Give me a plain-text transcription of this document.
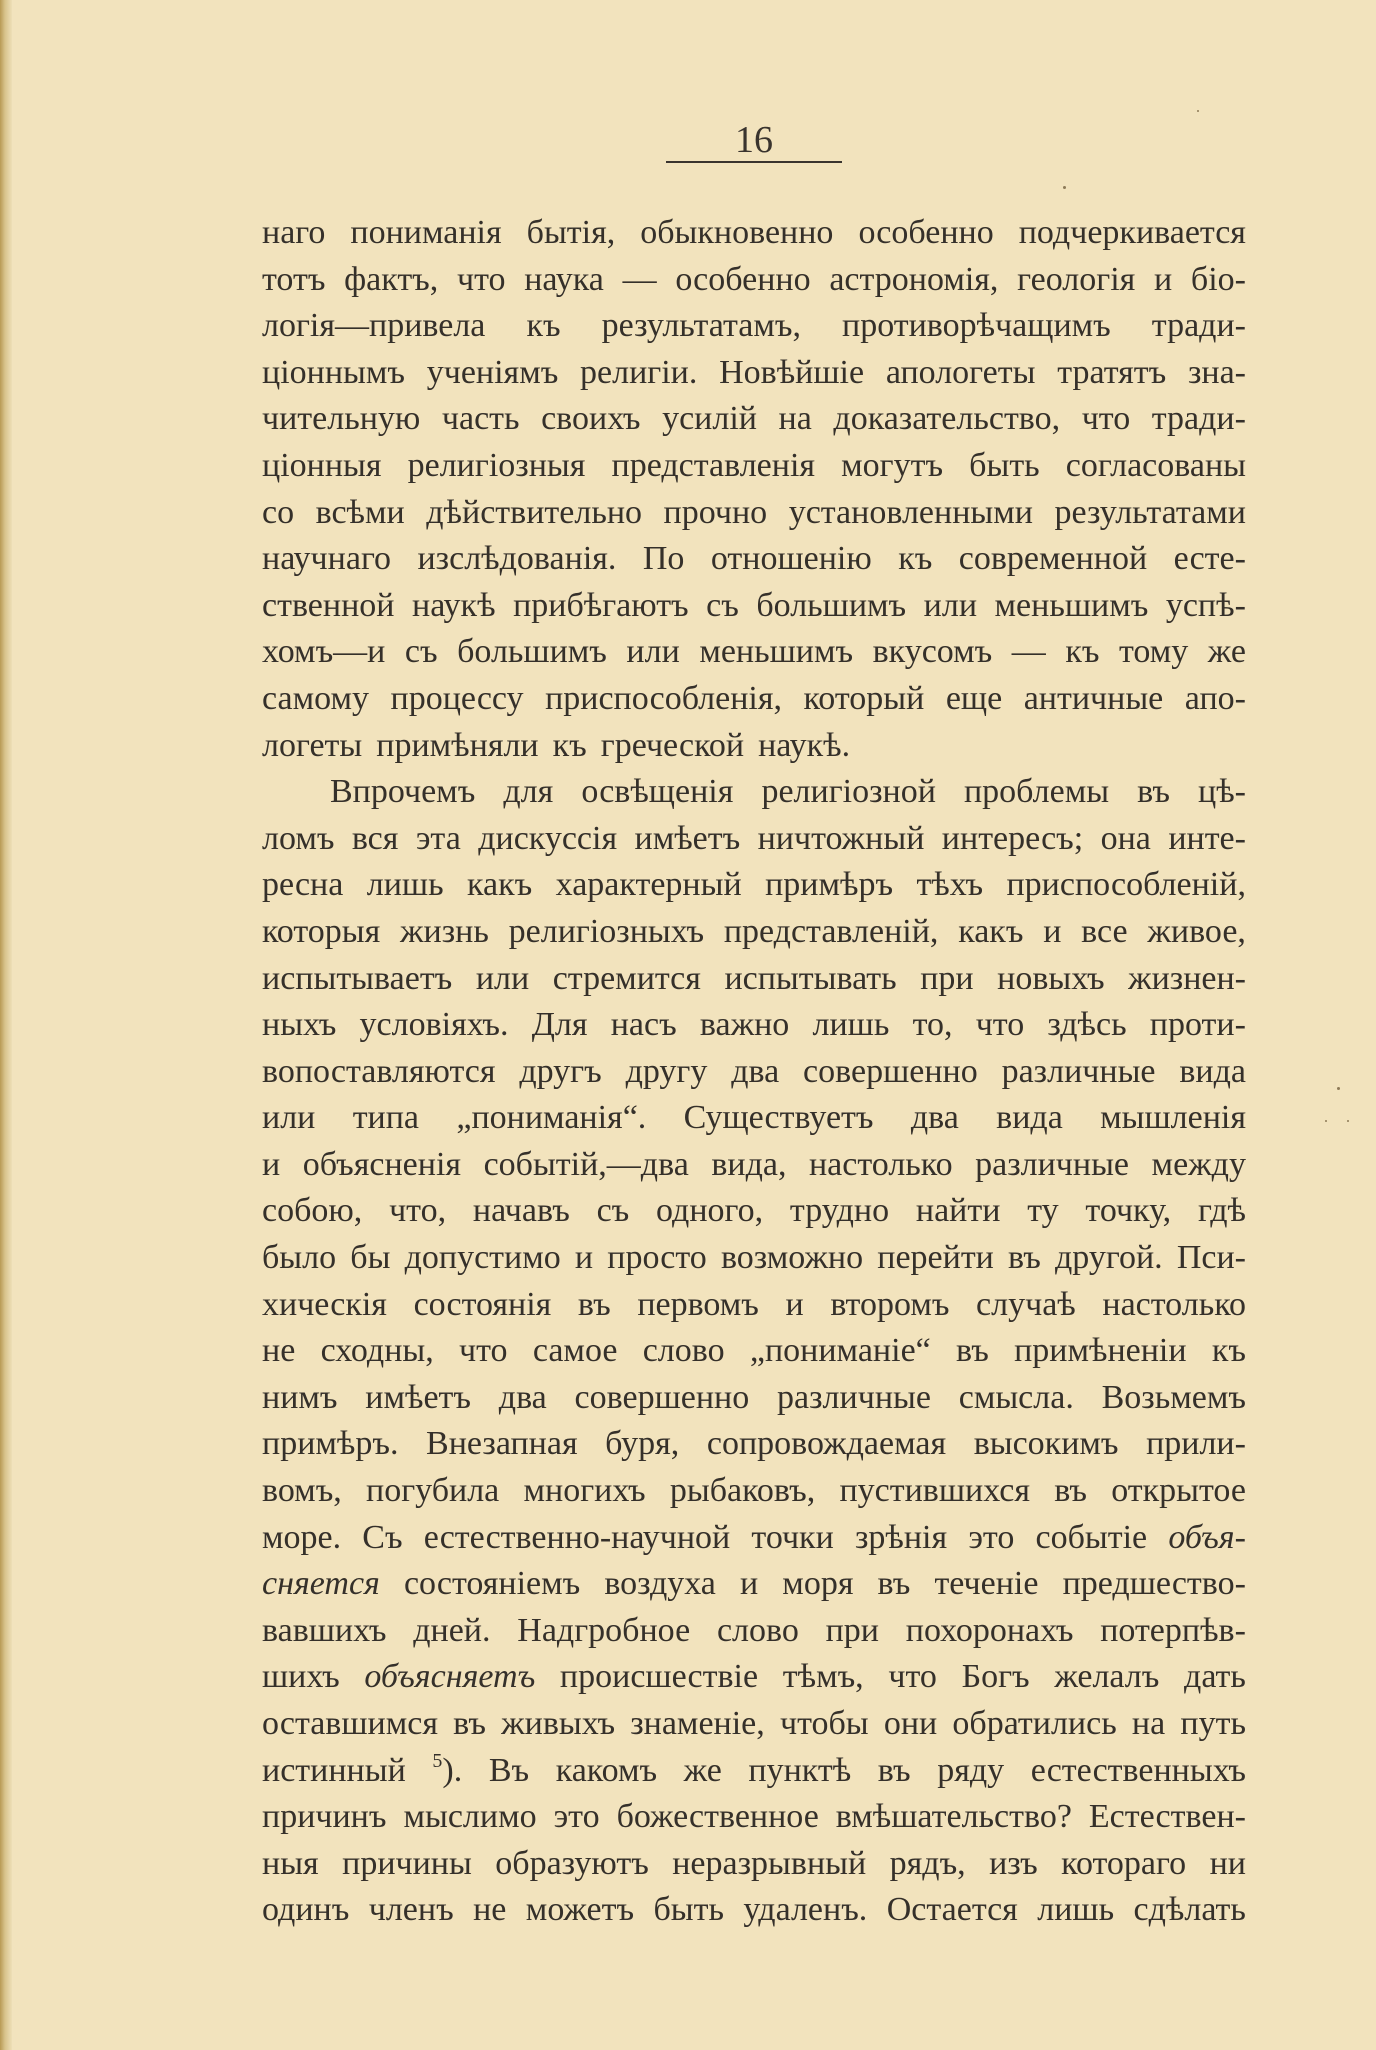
16
наго пониманія бытія, обыкновенно особенно подчеркивается
тотъ фактъ, что наука — особенно астрономія, геологія и біо-
логія—привела къ результатамъ, противорѣчащимъ тради-
ціоннымъ ученіямъ религіи. Новѣйшіе апологеты тратятъ зна-
чительную часть своихъ усилій на доказательство, что тради-
ціонныя религіозныя представленія могутъ быть согласованы
со всѣми дѣйствительно прочно установленными результатами
научнаго изслѣдованія. По отношенію къ современной есте-
ственной наукѣ прибѣгаютъ съ большимъ или меньшимъ успѣ-
хомъ—и съ большимъ или меньшимъ вкусомъ — къ тому же
самому процессу приспособленія, который еще античные апо-
логеты примѣняли къ греческой наукѣ.
Впрочемъ для освѣщенія религіозной проблемы въ цѣ-
ломъ вся эта дискуссія имѣетъ ничтожный интересъ; она инте-
ресна лишь какъ характерный примѣръ тѣхъ приспособленій,
которыя жизнь религіозныхъ представленій, какъ и все живое,
испытываетъ или стремится испытывать при новыхъ жизнен-
ныхъ условіяхъ. Для насъ важно лишь то, что здѣсь проти-
вопоставляются другъ другу два совершенно различные вида
или типа „пониманія“. Существуетъ два вида мышленія
и объясненія событій,—два вида, настолько различные между
собою, что, начавъ съ одного, трудно найти ту точку, гдѣ
было бы допустимо и просто возможно перейти въ другой. Пси-
хическія состоянія въ первомъ и второмъ случаѣ настолько
не сходны, что самое слово „пониманіе“ въ примѣненіи къ
нимъ имѣетъ два совершенно различные смысла. Возьмемъ
примѣръ. Внезапная буря, сопровождаемая высокимъ прили-
вомъ, погубила многихъ рыбаковъ, пустившихся въ открытое
море. Съ естественно-научной точки зрѣнія это событіе объя-
сняется состояніемъ воздуха и моря въ теченіе предшество-
вавшихъ дней. Надгробное слово при похоронахъ потерпѣв-
шихъ объясняетъ происшествіе тѣмъ, что Богъ желалъ дать
оставшимся въ живыхъ знаменіе, чтобы они обратились на путь
истинный $^5$). Въ какомъ же пунктѣ въ ряду естественныхъ
причинъ мыслимо это божественное вмѣшательство? Естествен-
ныя причины образуютъ неразрывный рядъ, изъ котораго ни
одинъ членъ не можетъ быть удаленъ. Остается лишь сдѣлать
